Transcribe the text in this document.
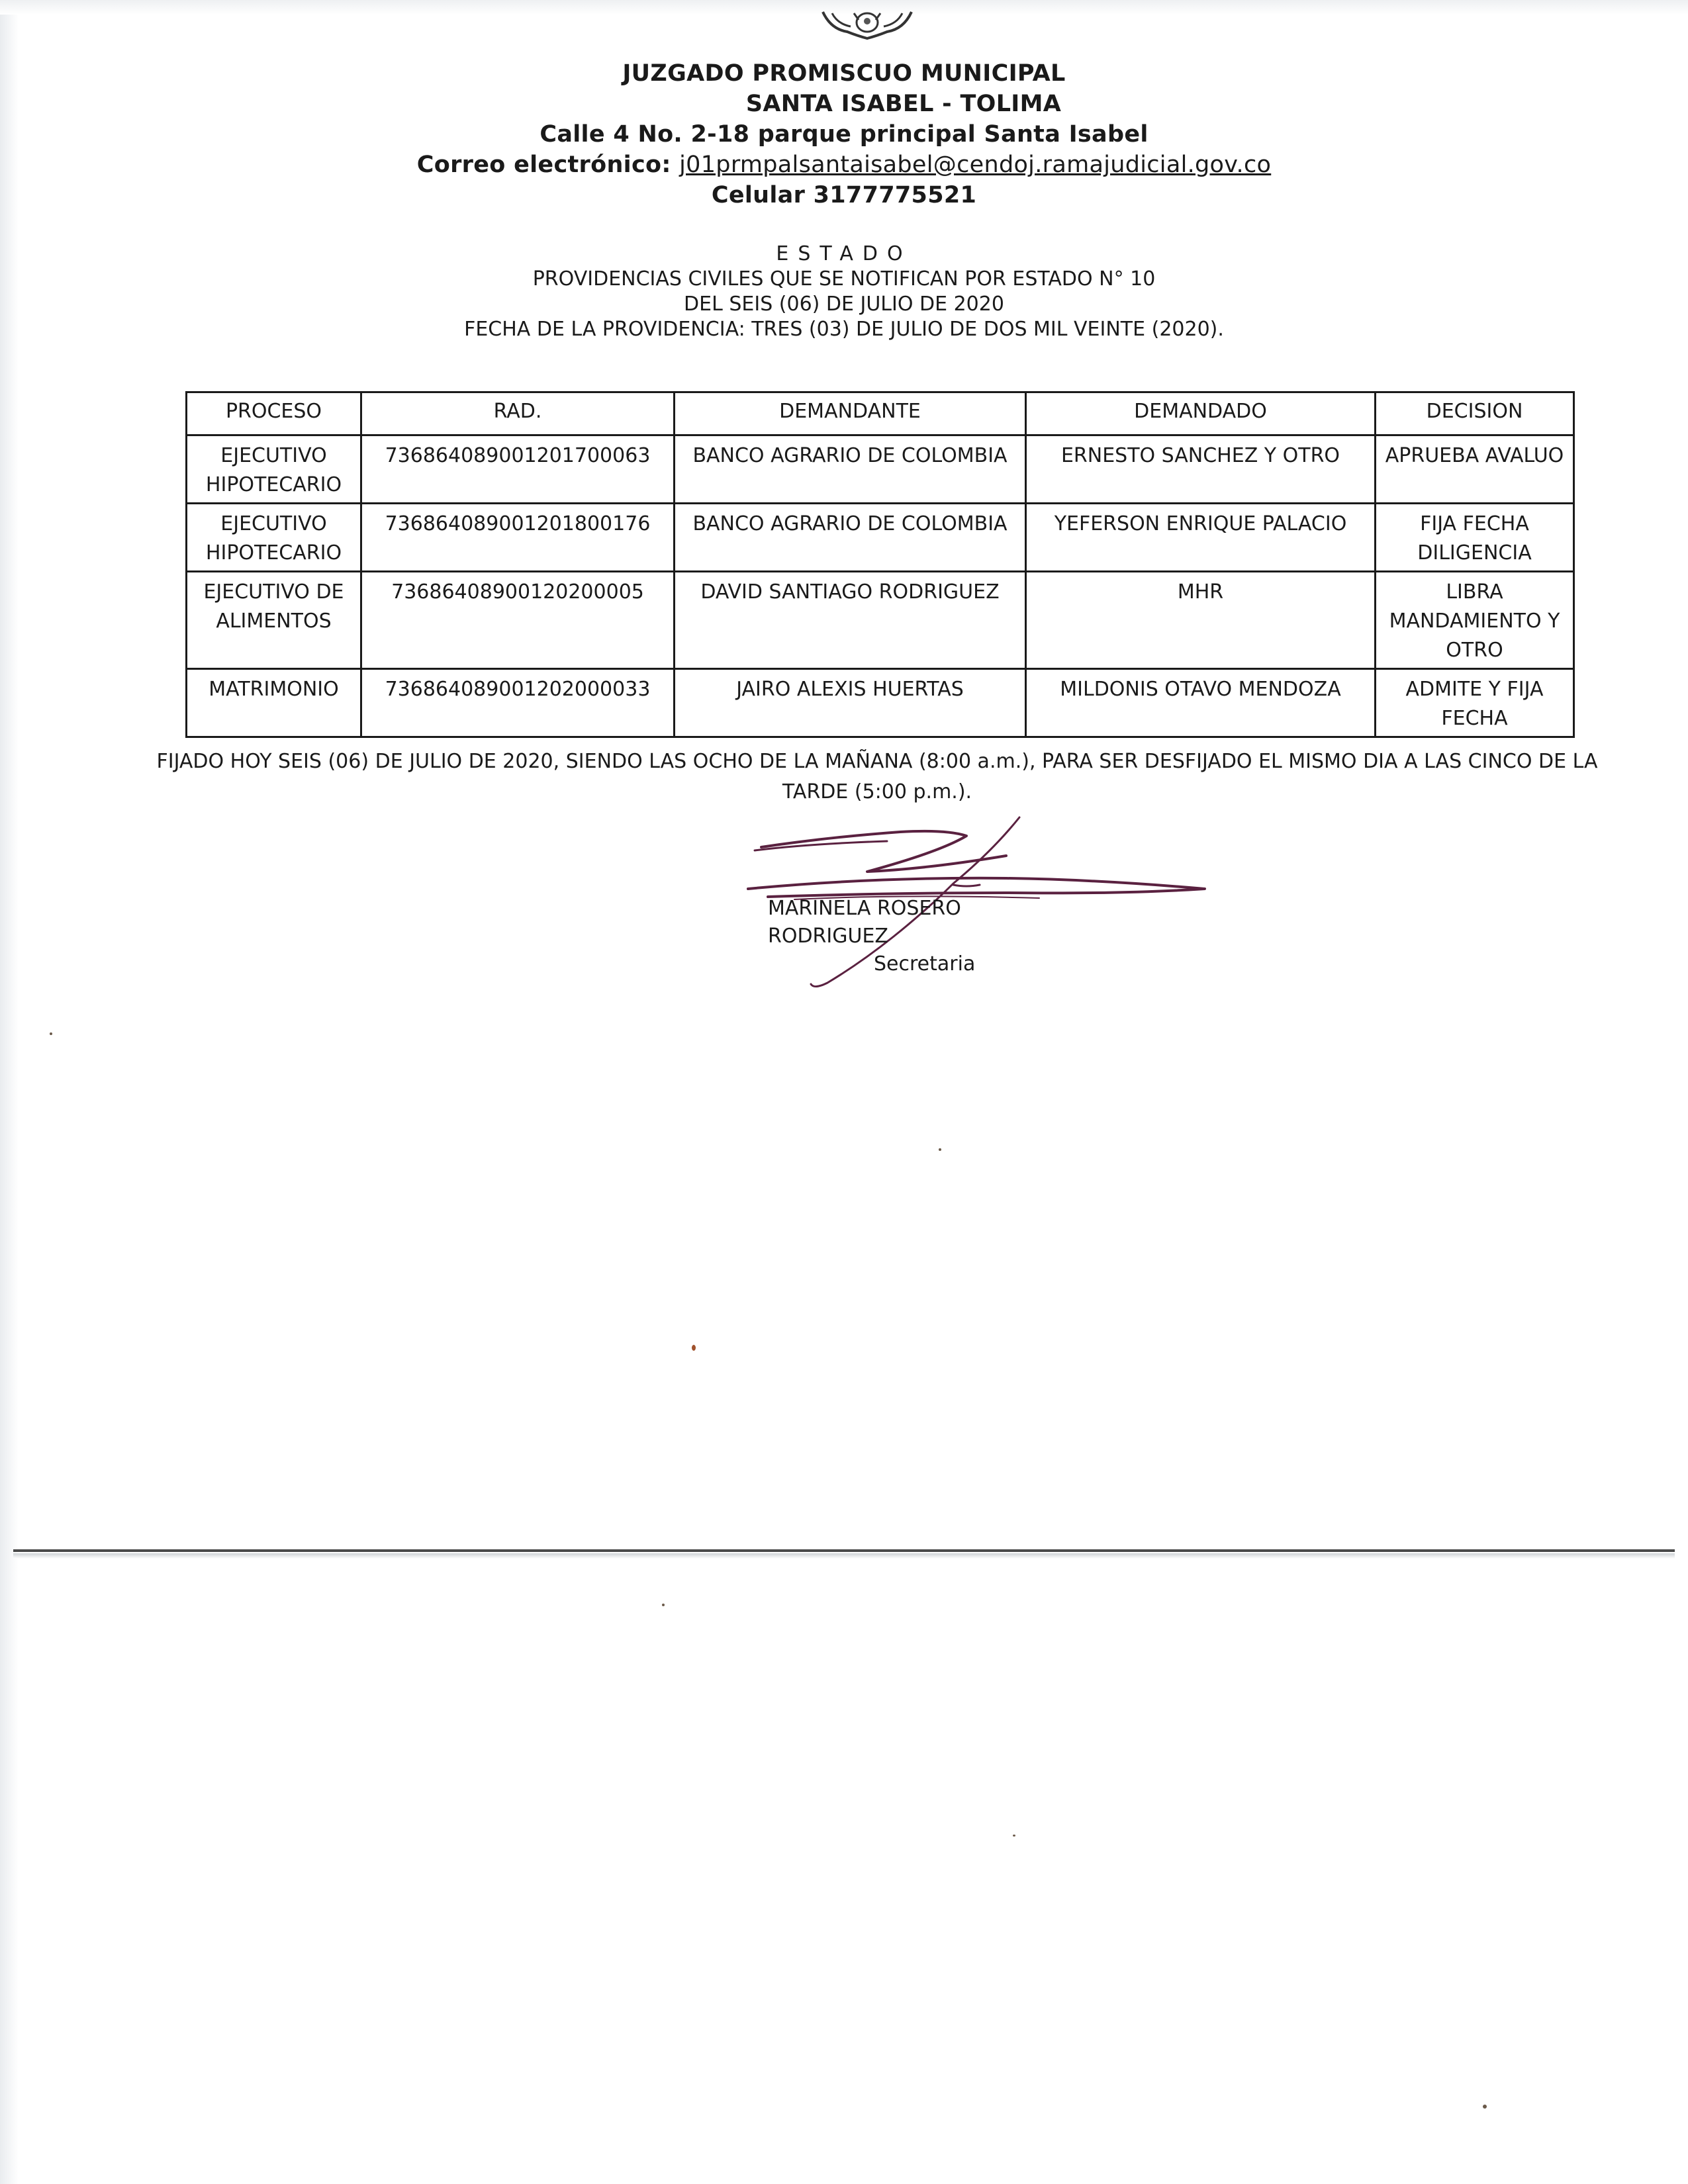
JUZGADO PROMISCUO MUNICIPAL
SANTA ISABEL - TOLIMA
Calle 4 No. 2-18 parque principal Santa Isabel
Correo electrónico: j01prmpalsantaisabel@cendoj.ramajudicial.gov.co
Celular 3177775521
ESTADO
PROVIDENCIAS CIVILES QUE SE NOTIFICAN POR ESTADO N° 10
DEL SEIS (06) DE JULIO DE 2020
FECHA DE LA PROVIDENCIA: TRES (03) DE JULIO DE DOS MIL VEINTE (2020).
PROCESO	RAD.	DEMANDANTE	DEMANDADO	DECISION
EJECUTIVO HIPOTECARIO	736864089001201700063	BANCO AGRARIO DE COLOMBIA	ERNESTO SANCHEZ Y OTRO	APRUEBA AVALUO
EJECUTIVO HIPOTECARIO	736864089001201800176	BANCO AGRARIO DE COLOMBIA	YEFERSON ENRIQUE PALACIO	FIJA FECHA DILIGENCIA
EJECUTIVO DE ALIMENTOS	73686408900120200005	DAVID SANTIAGO RODRIGUEZ	MHR	LIBRA MANDAMIENTO Y OTRO
MATRIMONIO	736864089001202000033	JAIRO ALEXIS HUERTAS	MILDONIS OTAVO MENDOZA	ADMITE Y FIJA FECHA
FIJADO HOY SEIS (06) DE JULIO DE 2020, SIENDO LAS OCHO DE LA MAÑANA (8:00 a.m.), PARA SER DESFIJADO EL MISMO DIA A LAS CINCO DE LA TARDE (5:00 p.m.).
MARINELA ROSERO RODRIGUEZ
Secretaria
